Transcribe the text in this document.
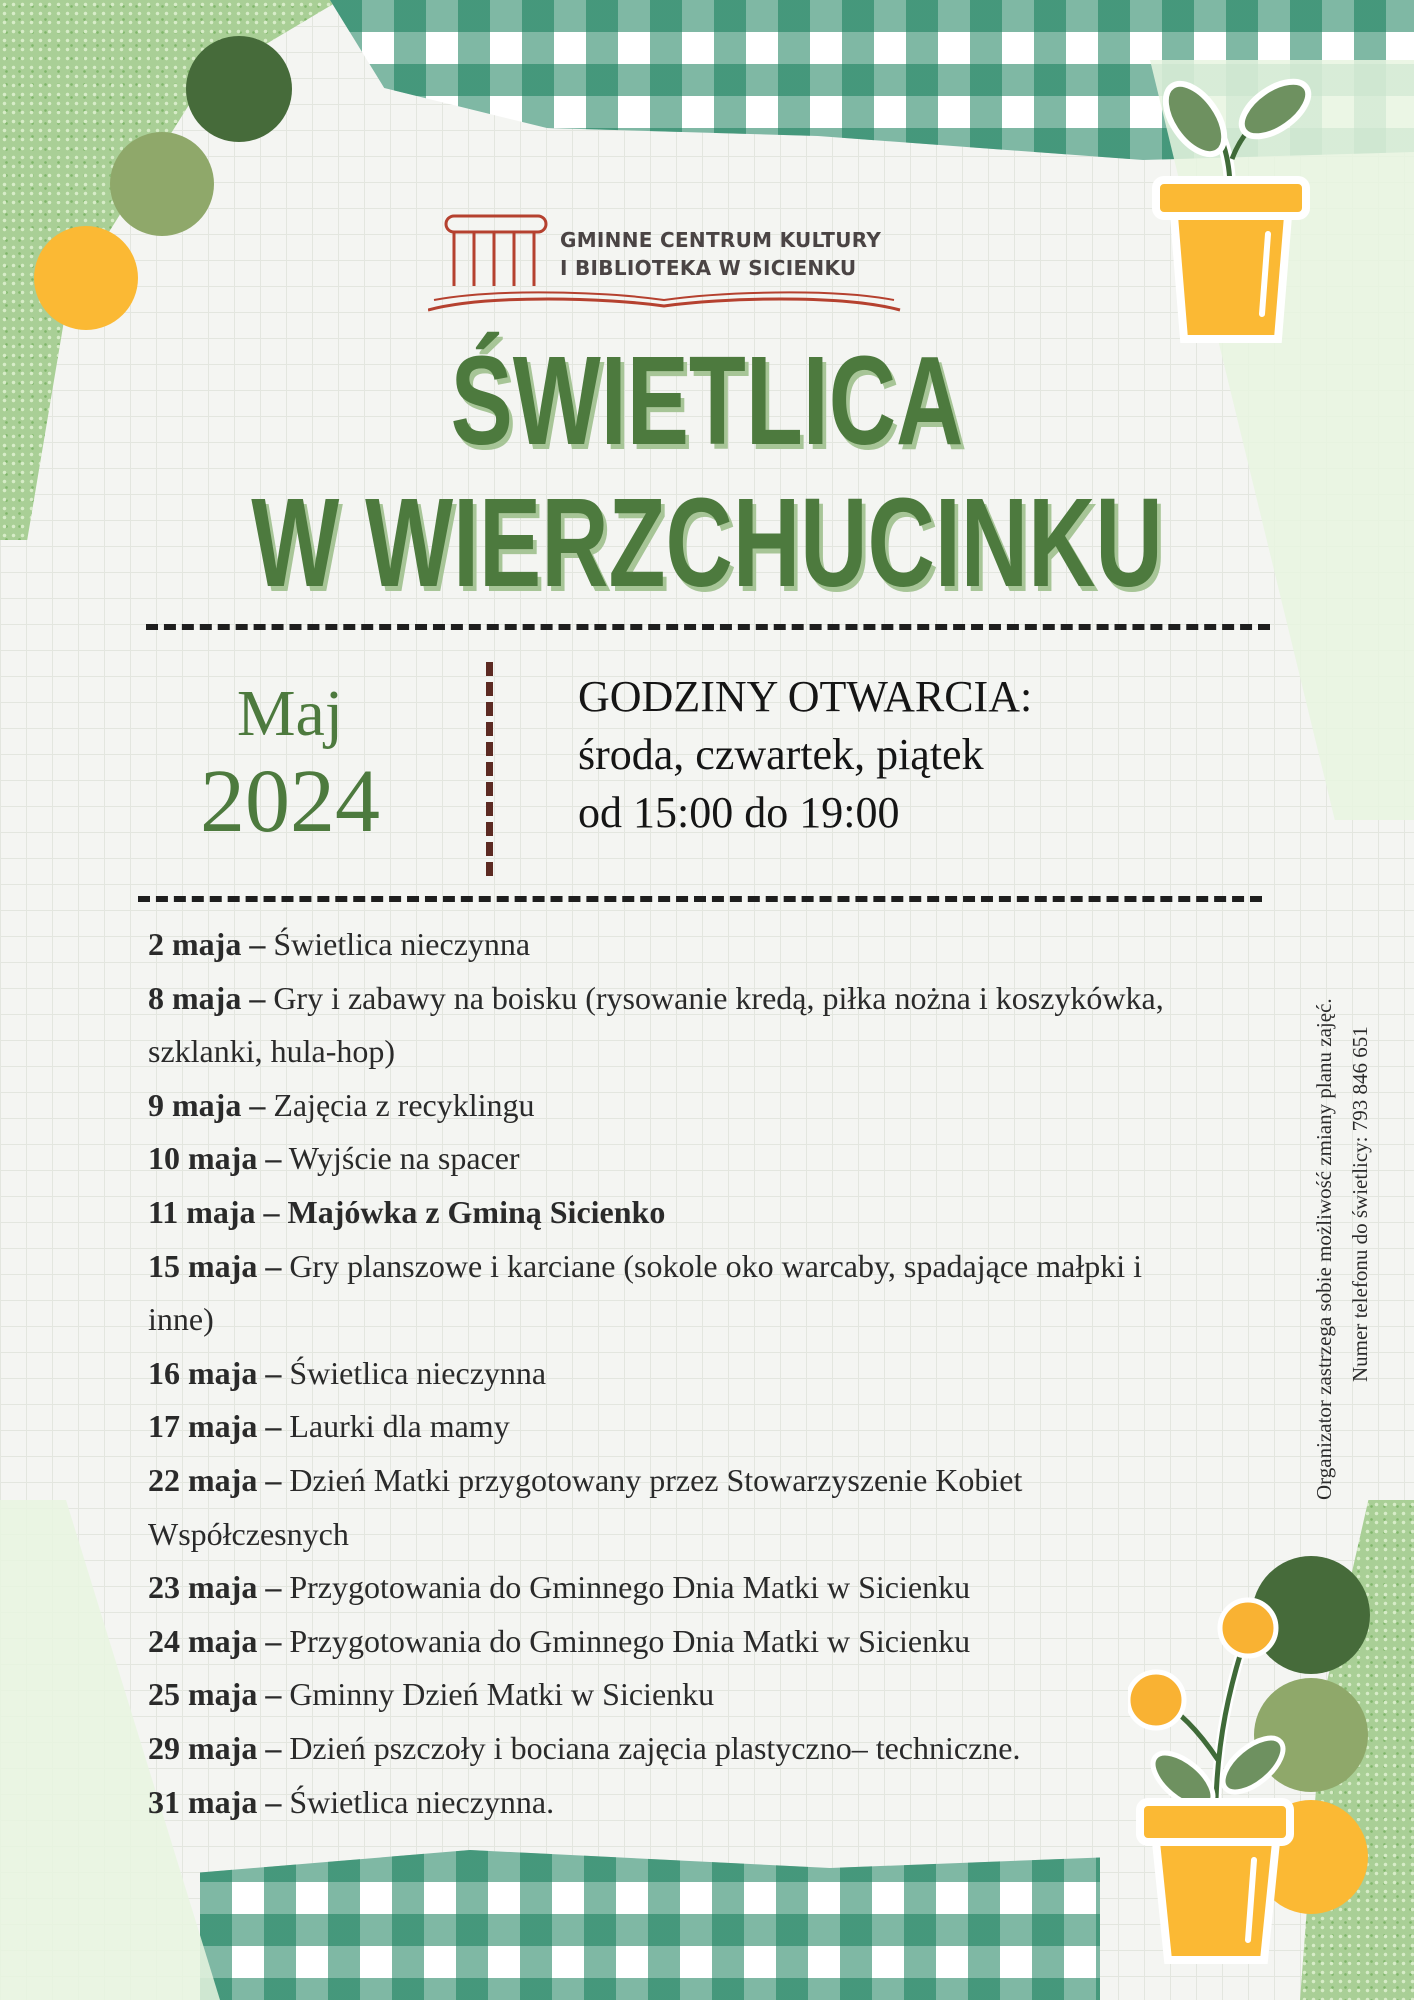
GMINNE CENTRUM KULTURY
I BIBLIOTEKA W SICIENKU
ŚWIETLICA
W WIERZCHUCINKU
Maj
2024
GODZINY OTWARCIA:
środa, czwartek, piątek
od 15:00 do 19:00
2 maja – Świetlica nieczynna
8 maja – Gry i zabawy na boisku (rysowanie kredą, piłka nożna i koszykówka, szklanki, hula-hop)
9 maja – Zajęcia z recyklingu
10 maja – Wyjście na spacer
11 maja – Majówka z Gminą Sicienko
15 maja – Gry planszowe i karciane (sokole oko warcaby, spadające małpki i inne)
16 maja – Świetlica nieczynna
17 maja – Laurki dla mamy
22 maja – Dzień Matki przygotowany przez Stowarzyszenie Kobiet Współczesnych
23 maja – Przygotowania do Gminnego Dnia Matki w Sicienku
24 maja – Przygotowania do Gminnego Dnia Matki w Sicienku
25 maja – Gminny Dzień Matki w Sicienku
29 maja – Dzień pszczoły i bociana zajęcia plastyczno– techniczne.
31 maja – Świetlica nieczynna.
Organizator zastrzega sobie możliwość zmiany planu zajęć. Numer telefonu do świetlicy: 793 846 651
